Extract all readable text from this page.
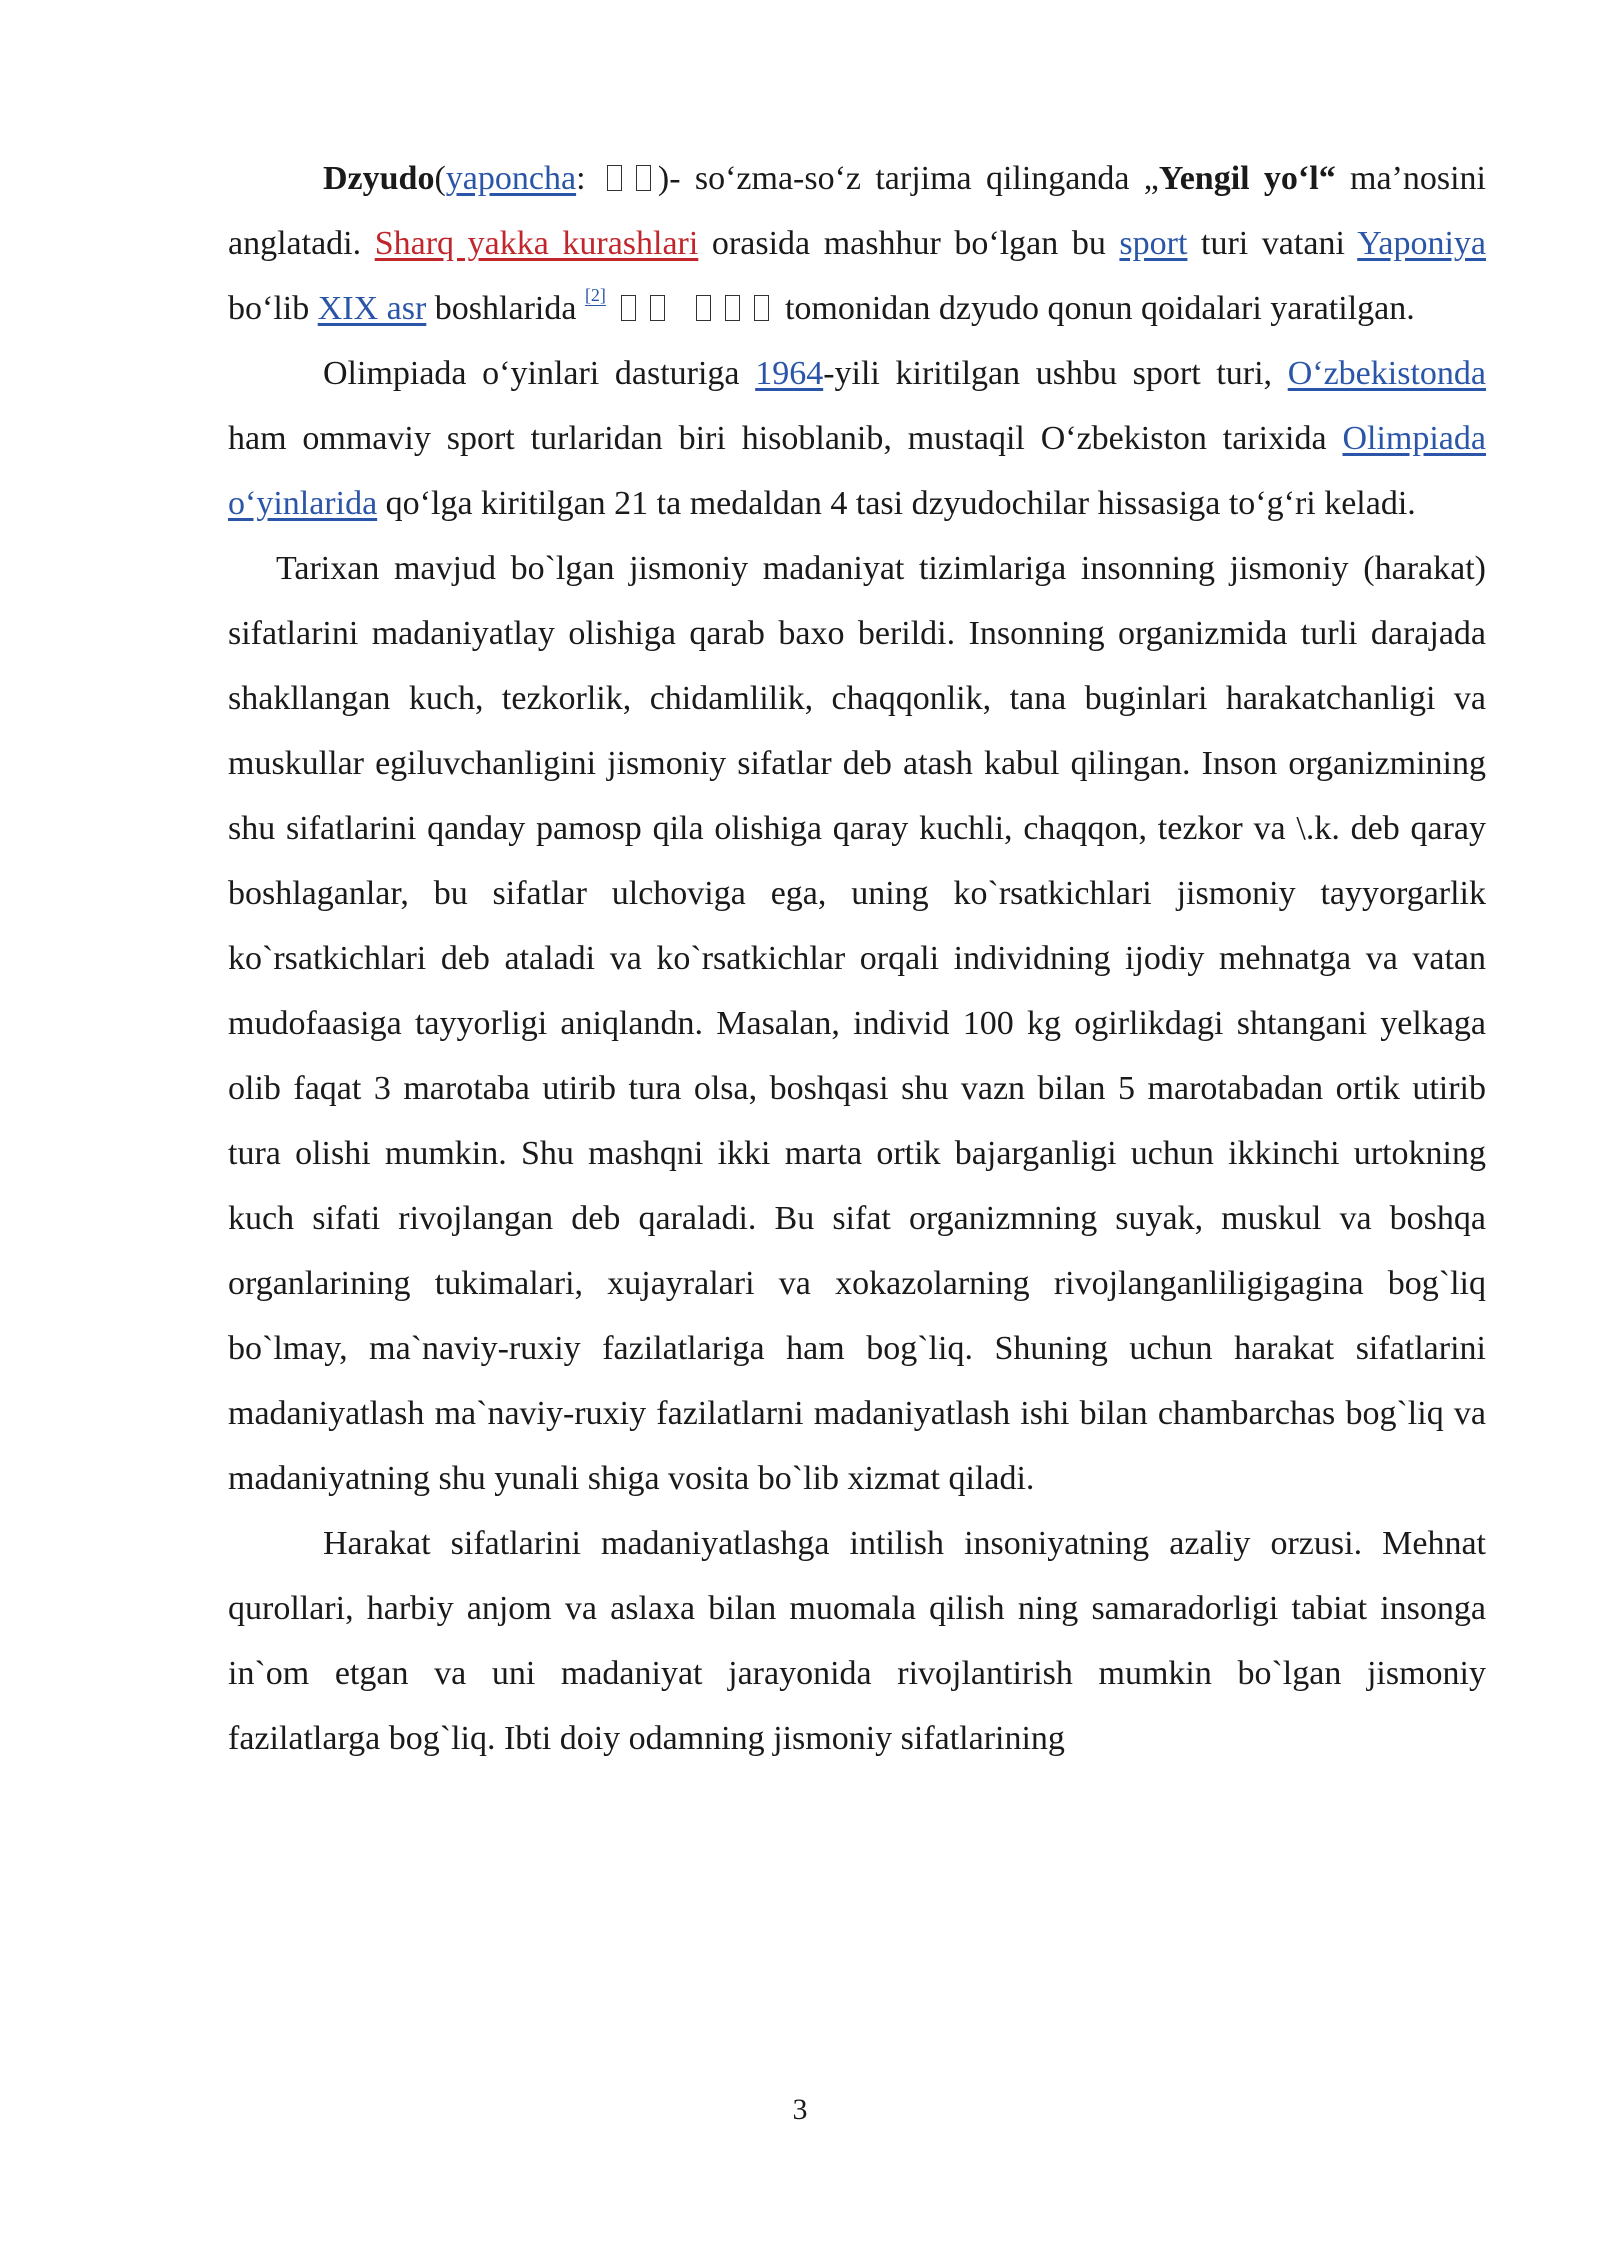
Dzyudo(yaponcha: )- so‘zma-so‘z tarjima qilinganda „Yengil yo‘l“ ma’nosini anglatadi. Sharq yakka kurashlari orasida mashhur bo‘lgan bu sport turi vatani Yaponiya bo‘lib XIX asr boshlarida [2]	tomonidan dzyudo qonun qoidalari yaratilgan.

Olimpiada o‘yinlari dasturiga 1964-yili kiritilgan ushbu sport turi, O‘zbekistonda ham ommaviy sport turlaridan biri hisoblanib, mustaqil O‘zbekiston tarixida Olimpiada o‘yinlarida qo‘lga kiritilgan 21 ta medaldan 4 tasi dzyudochilar hissasiga to‘g‘ri keladi.

Tarixan mavjud bo`lgan jismoniy madaniyat tizimlariga insonning jismoniy (harakat) sifatlarini madaniyatlay olishiga qarab baxo berildi. Insonning organizmida turli darajada shakllangan kuch, tezkorlik, chidamlilik, chaqqonlik, tana buginlari harakatchanligi va muskullar egiluvchanligini jismoniy sifatlar deb atash kabul qilingan. Inson organizmining shu sifatlarini qanday pamosp qila olishiga qaray kuchli, chaqqon, tezkor va \.k. deb qaray boshlaganlar, bu sifatlar ulchoviga ega, uning ko`rsatkichlari jismoniy tayyorgarlik ko`rsatkichlari deb ataladi va ko`rsatkichlar orqali individning ijodiy mehnatga va vatan mudofaasiga tayyorligi aniqlandn. Masalan, individ 100 kg ogirlikdagi shtangani yelkaga olib faqat 3 marotaba utirib tura olsa, boshqasi shu vazn bilan 5 marotabadan ortik utirib tura olishi mumkin. Shu mashqni ikki marta ortik bajarganligi uchun ikkinchi urtokning kuch sifati rivojlangan deb qaraladi. Bu sifat organizmning suyak, muskul va boshqa organlarining tukimalari, xujayralari va xokazolarning rivojlanganliligigagina bog`liq bo`lmay, ma`naviy-ruxiy fazilatlariga ham bog`liq. Shuning uchun harakat sifatlarini madaniyatlash ma`naviy-ruxiy fazilatlarni madaniyatlash ishi bilan chambarchas bog`liq va madaniyatning shu yunali shiga vosita bo`lib xizmat qiladi.

Harakat sifatlarini madaniyatlashga intilish insoniyatning azaliy orzusi. Mehnat qurollari, harbiy anjom va aslaxa bilan muomala qilish ning samaradorligi tabiat insonga in`om etgan va uni madaniyat jarayonida rivojlantirish mumkin bo`lgan jismoniy fazilatlarga bog`liq. Ibti doiy odamning jismoniy sifatlarining

3
